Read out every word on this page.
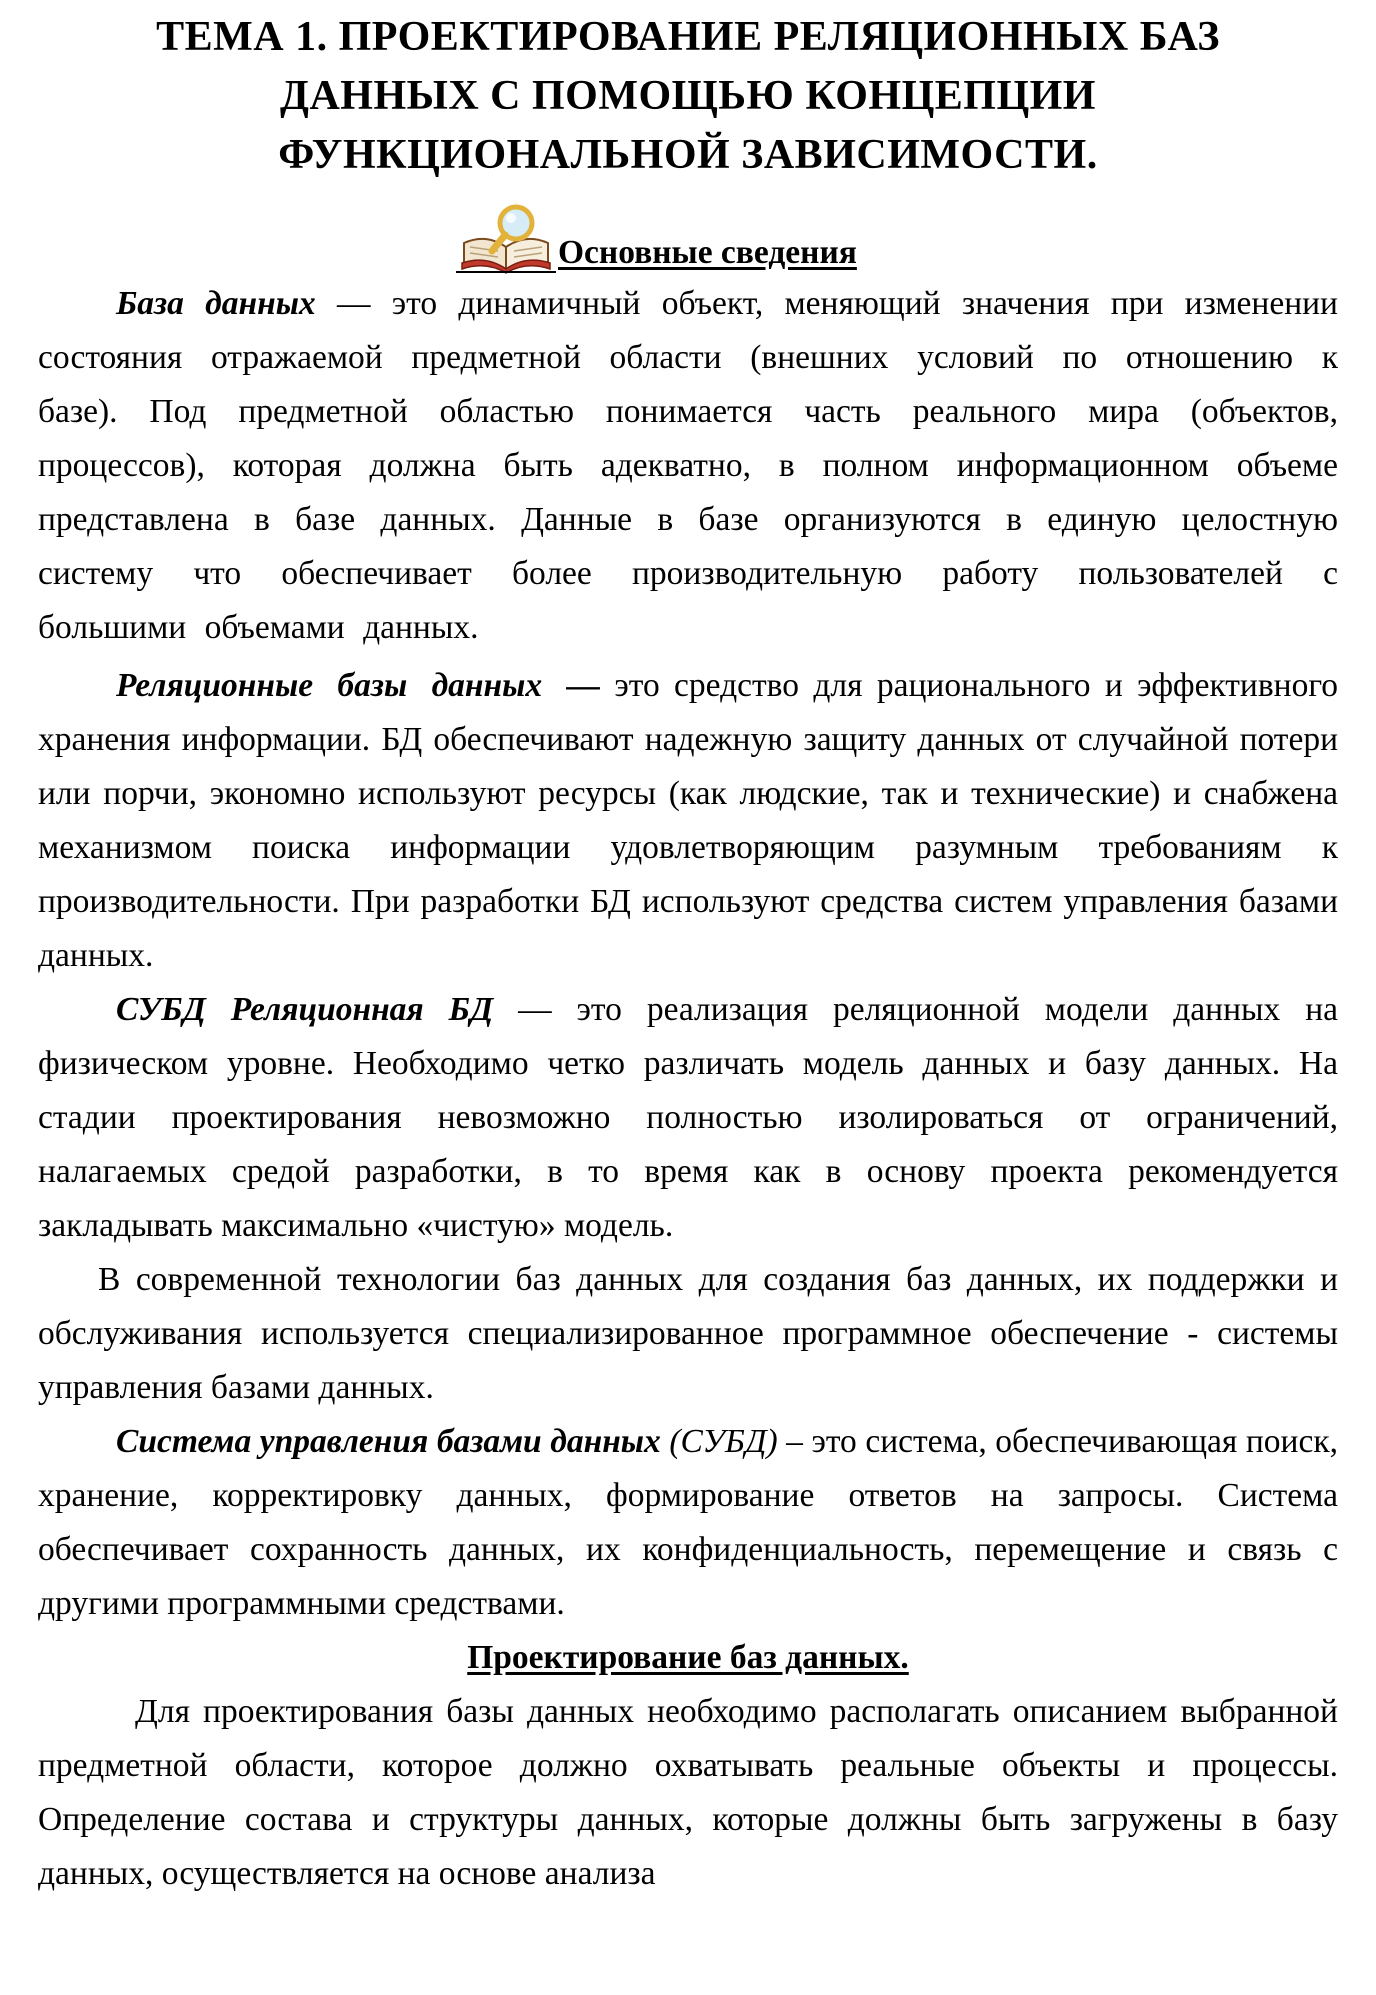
ТЕМА 1. ПРОЕКТИРОВАНИЕ РЕЛЯЦИОННЫХ БАЗ
ДАННЫХ С ПОМОЩЬЮ КОНЦЕПЦИИ
ФУНКЦИОНАЛЬНОЙ ЗАВИСИМОСТИ.
Основные сведения

База данных — это динамичный объект, меняющий значения при изменении состояния отражаемой предметной области (внешних условий по отношению к базе). Под предметной областью понимается часть реального мира (объектов, процессов), которая должна быть адекватно, в полном информационном объеме представлена в базе данных. Данные в базе организуются в единую целостную систему что обеспечивает более производительную работу пользователей с большими объемами данных.

Реляционные базы данных — это средство для рационального и эффективного хранения информации. БД обеспечивают надежную защиту данных от случайной потери или порчи, экономно используют ресурсы (как людские, так и технические) и снабжена механизмом поиска информации удовлетворяющим разумным требованиям к производительности. При разработки БД используют средства систем управления базами данных.

СУБД Реляционная БД — это реализация реляционной модели данных на физическом уровне. Необходимо четко различать модель данных и базу данных. На стадии проектирования невозможно полностью изолироваться от ограничений, налагаемых средой разработки, в то время как в основу проекта рекомендуется закладывать максимально «чистую» модель.

В современной технологии баз данных для создания баз данных, их поддержки и обслуживания используется специализированное программное обеспечение - системы управления базами данных.

Система управления базами данных (СУБД) – это система, обеспечивающая поиск, хранение, корректировку данных, формирование ответов на запросы. Система обеспечивает сохранность данных, их конфиденциальность, перемещение и связь с другими программными средствами.

Проектирование баз данных.

Для проектирования базы данных необходимо располагать описанием выбранной предметной области, которое должно охватывать реальные объекты и процессы. Определение состава и структуры данных, которые должны быть загружены в базу данных, осуществляется на основе анализа
